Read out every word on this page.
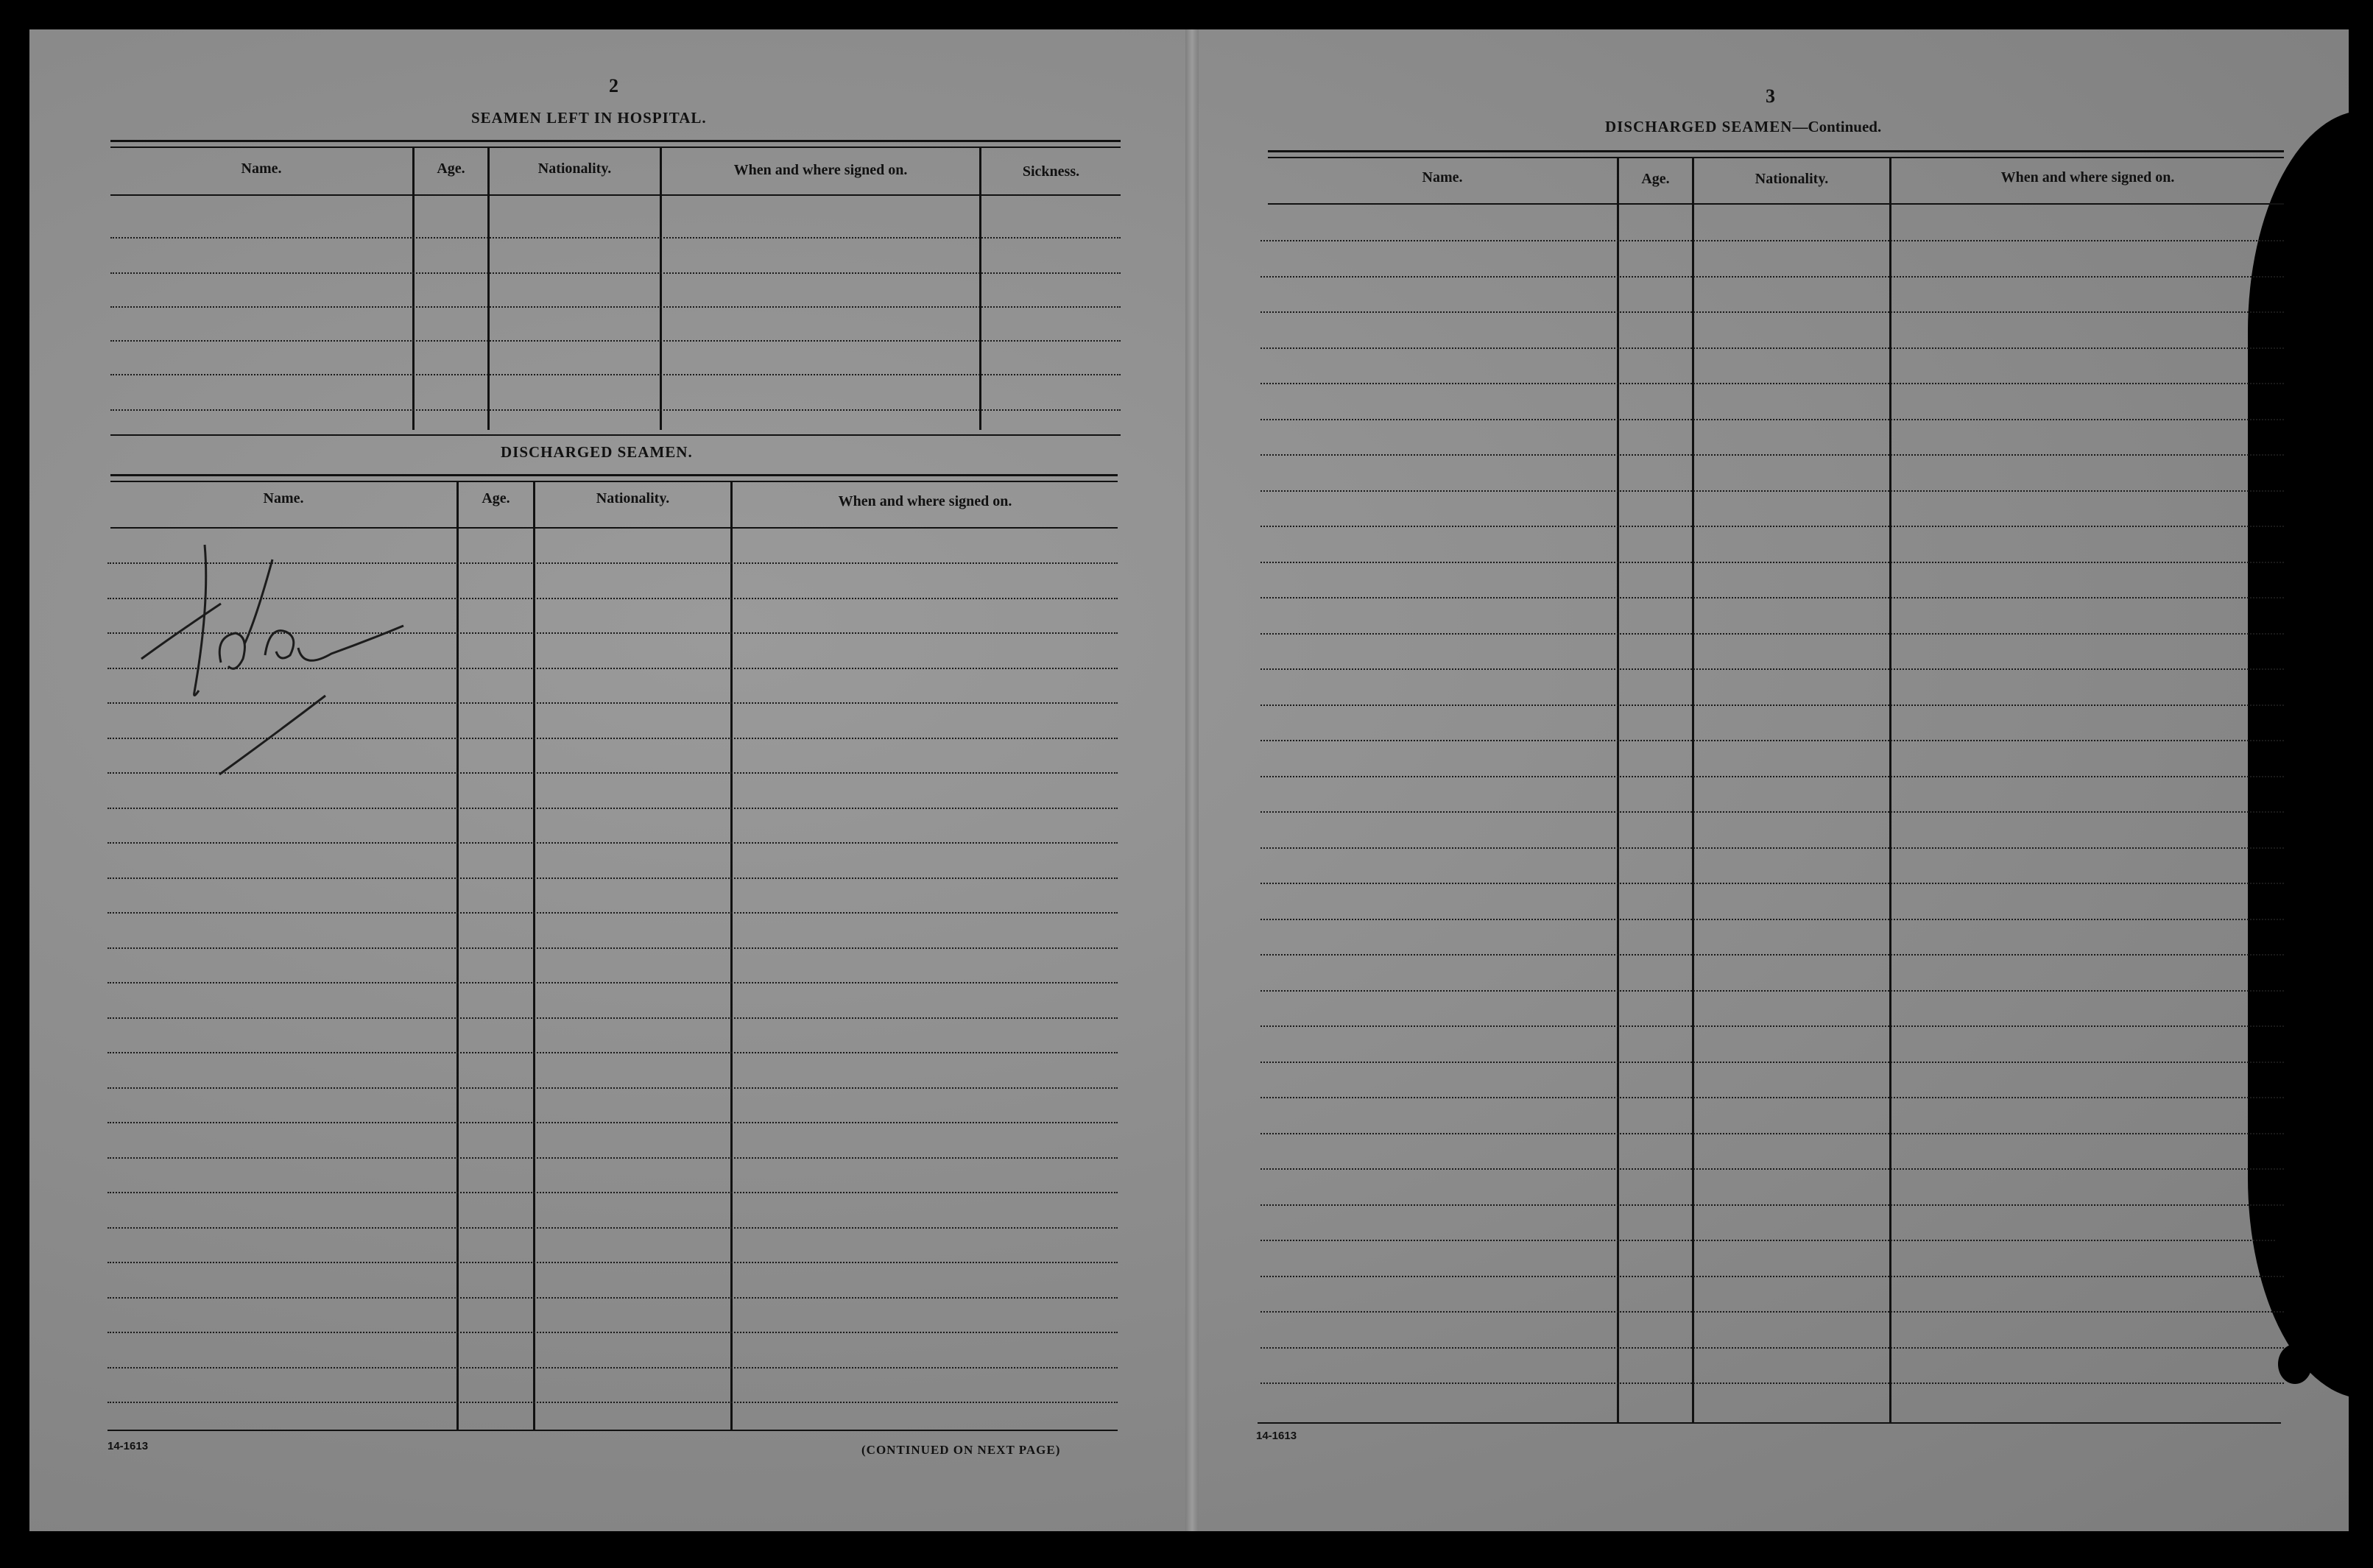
2
SEAMEN LEFT IN HOSPITAL.
Name.	Age.	Nationality.	When and where signed on.	Sickness.
DISCHARGED SEAMEN.
Name.	Age.	Nationality.	When and where signed on.
14-1613	(CONTINUED ON NEXT PAGE)
3
DISCHARGED SEAMEN—Continued.
Name.	Age.	Nationality.	When and where signed on.
14-1613
